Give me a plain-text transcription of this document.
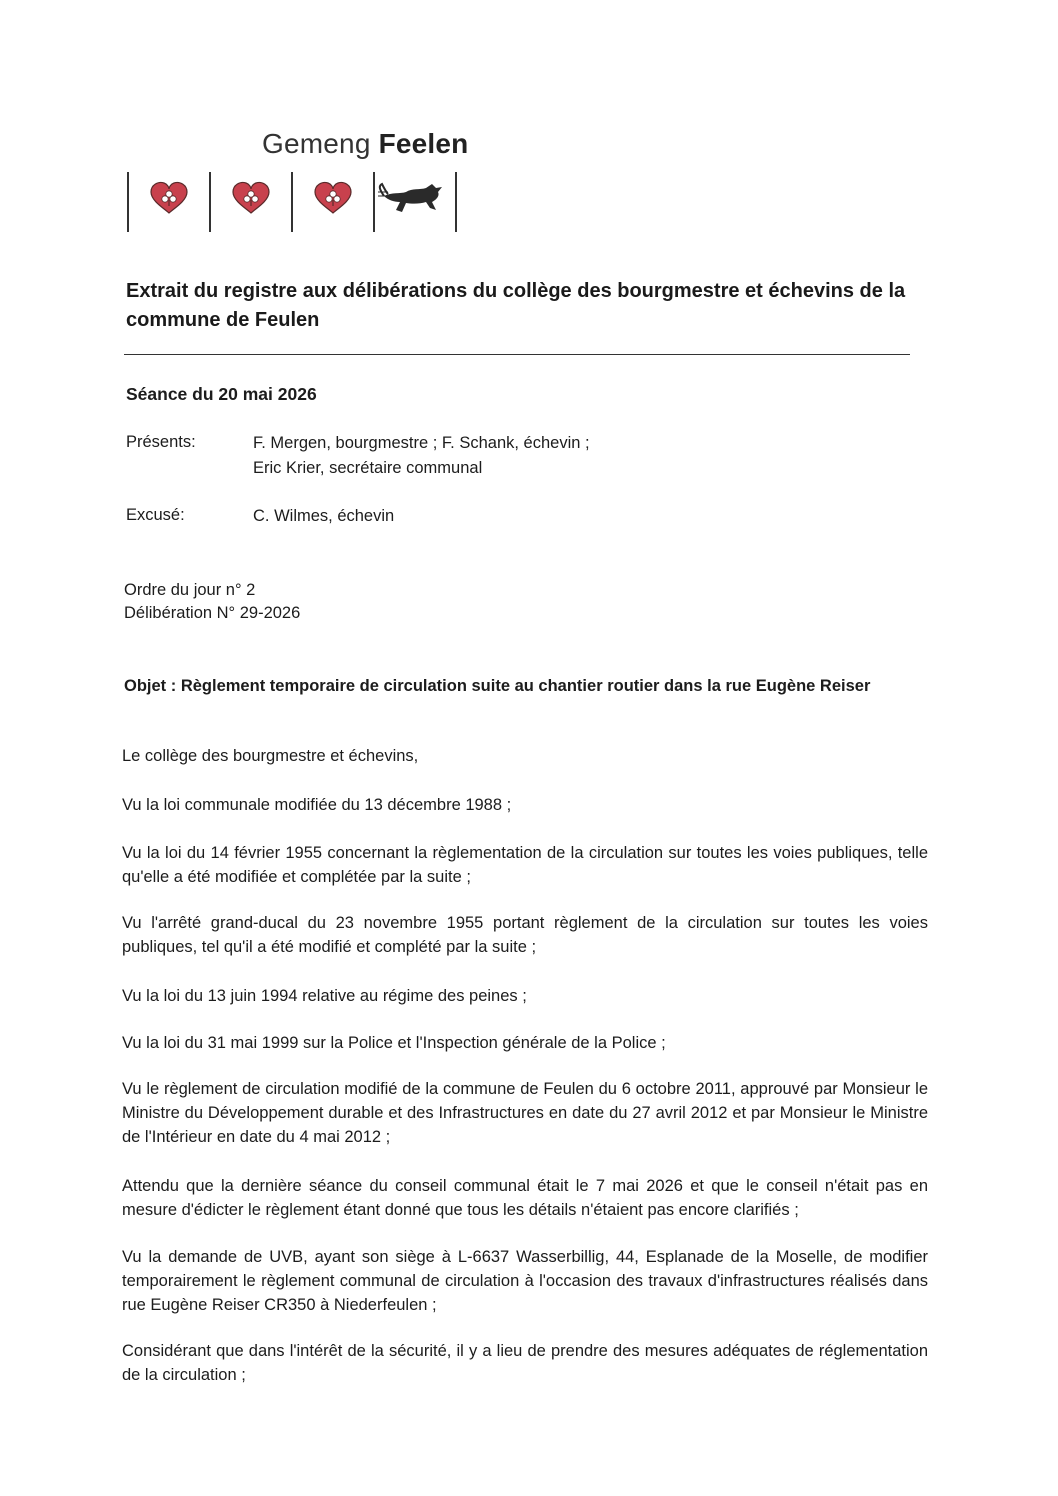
Gemeng Feelen
Extrait du registre aux délibérations du collège des bourgmestre et échevins de la commune de Feulen
Séance du 20 mai 2026
Présents:	F. Mergen, bourgmestre ; F. Schank, échevin ;
Eric Krier, secrétaire communal
Excusé:	C. Wilmes, échevin
Ordre du jour n° 2
Délibération N° 29-2026
Objet : Règlement temporaire de circulation suite au chantier routier dans la rue Eugène Reiser
Le collège des bourgmestre et échevins,
Vu la loi communale modifiée du 13 décembre 1988 ;
Vu la loi du 14 février 1955 concernant la règlementation de la circulation sur toutes les voies publiques, telle qu'elle a été modifiée et complétée par la suite ;
Vu l'arrêté grand-ducal du 23 novembre 1955 portant règlement de la circulation sur toutes les voies publiques, tel qu'il a été modifié et complété par la suite ;
Vu la loi du 13 juin 1994 relative au régime des peines ;
Vu la loi du 31 mai 1999 sur la Police et l'Inspection générale de la Police ;
Vu le règlement de circulation modifié de la commune de Feulen du 6 octobre 2011, approuvé par Monsieur le Ministre du Développement durable et des Infrastructures en date du 27 avril 2012 et par Monsieur le Ministre de l'Intérieur en date du 4 mai 2012 ;
Attendu que la dernière séance du conseil communal était le 7 mai 2026 et que le conseil n'était pas en mesure d'édicter le règlement étant donné que tous les détails n'étaient pas encore clarifiés ;
Vu la demande de UVB, ayant son siège à L-6637 Wasserbillig, 44, Esplanade de la Moselle, de modifier temporairement le règlement communal de circulation à l'occasion des travaux d'infrastructures réalisés dans rue Eugène Reiser CR350 à Niederfeulen ;
Considérant que dans l'intérêt de la sécurité, il y a lieu de prendre des mesures adéquates de réglementation de la circulation ;
